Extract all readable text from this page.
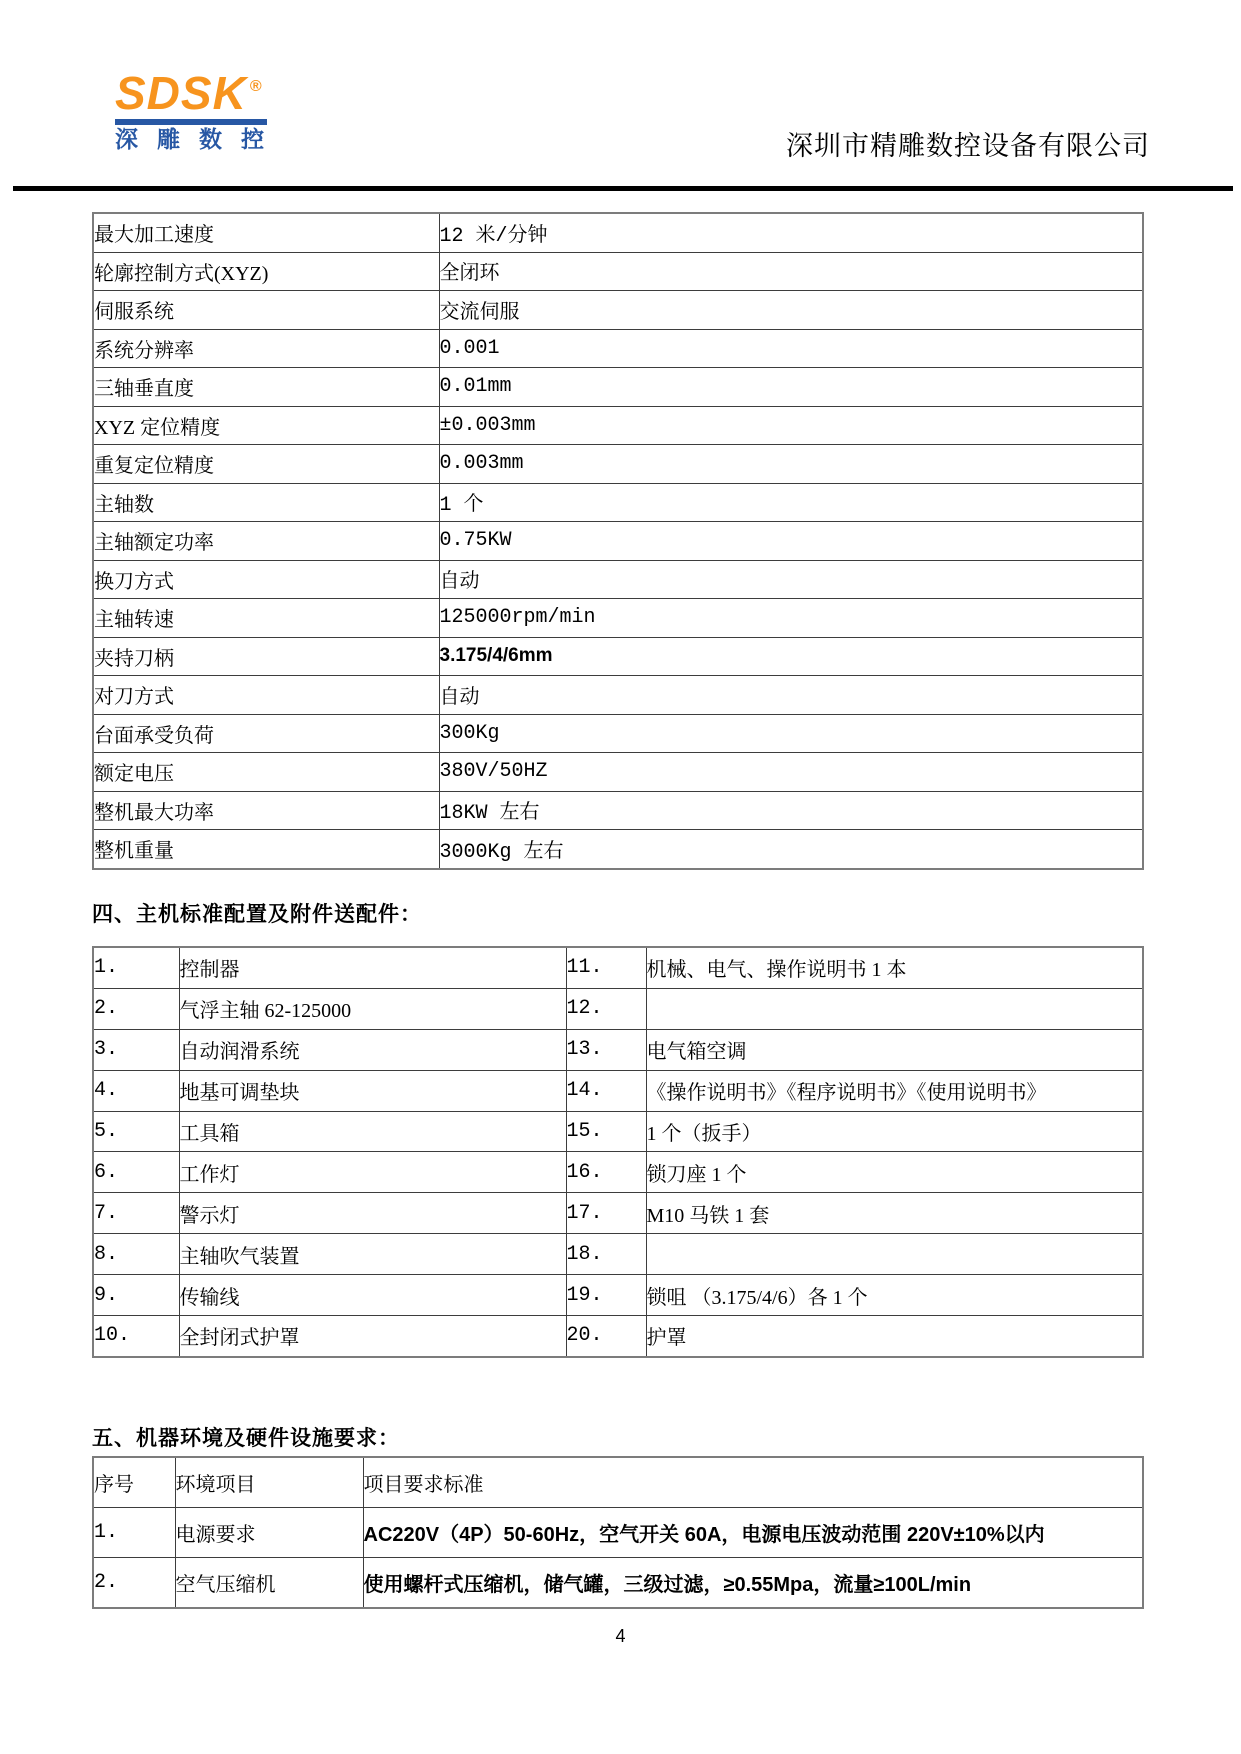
SDSK ®
深雕数控	深圳市精雕数控设备有限公司
最大加工速度	12 米/分钟
轮廓控制方式(XYZ)	全闭环
伺服系统	交流伺服
系统分辨率	0.001
三轴垂直度	0.01mm
XYZ 定位精度	±0.003mm
重复定位精度	0.003mm
主轴数	1 个
主轴额定功率	0.75KW
换刀方式	自动
主轴转速	125000rpm/min
夹持刀柄	3.175/4/6mm
对刀方式	自动
台面承受负荷	300Kg
额定电压	380V/50HZ
整机最大功率	18KW 左右
整机重量	3000Kg 左右
四、主机标准配置及附件送配件：
1.	控制器	11.	机械、电气、操作说明书 1 本
2.	气浮主轴 62-125000	12.	
3.	自动润滑系统	13.	电气箱空调
4.	地基可调垫块	14.	《操作说明书》《程序说明书》《使用说明书》
5.	工具箱	15.	1 个（扳手）
6.	工作灯	16.	锁刀座 1 个
7.	警示灯	17.	M10 马铁 1 套
8.	主轴吹气装置	18.	
9.	传输线	19.	锁咀 （3.175/4/6）各 1 个
10.	全封闭式护罩	20.	护罩
五、机器环境及硬件设施要求：
序号	环境项目	项目要求标准
1.	电源要求	AC220V（4P）50-60Hz，空气开关 60A，电源电压波动范围 220V±10%以内
2.	空气压缩机	使用螺杆式压缩机，储气罐，三级过滤，≥0.55Mpa，流量≥100L/min
4
